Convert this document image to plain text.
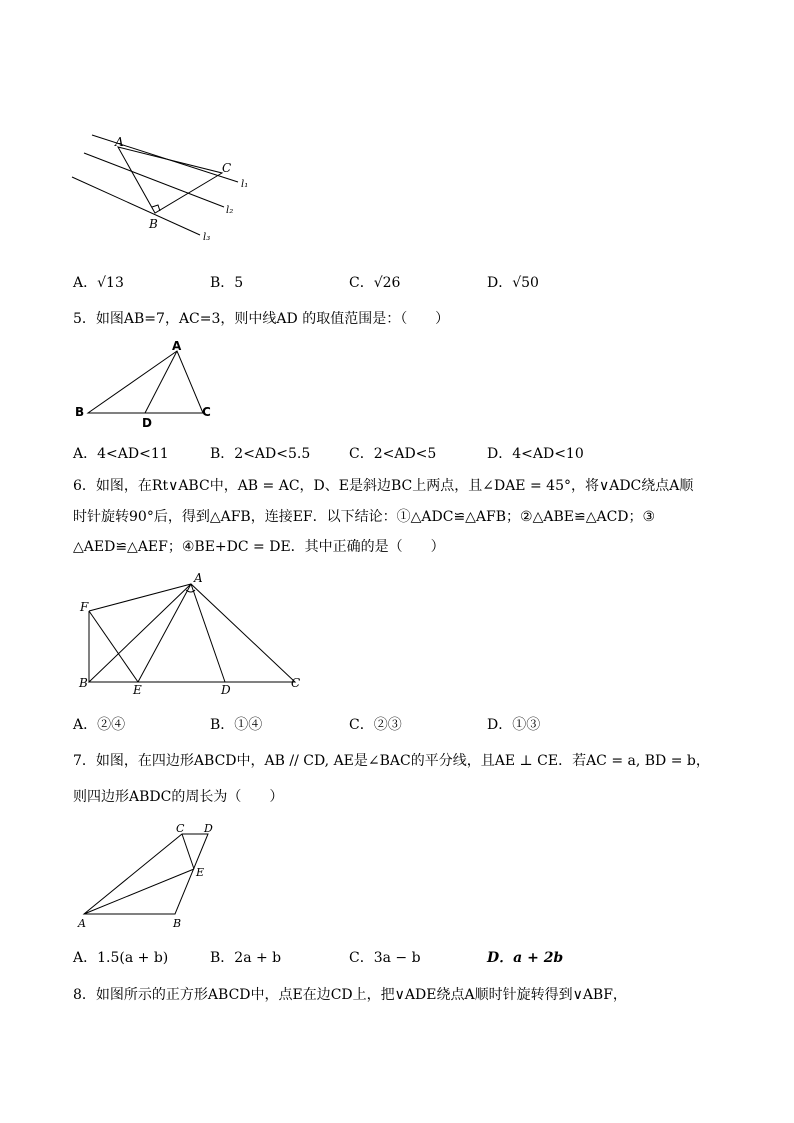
A
C
B
l₁
l₂
l₃
A．√13	B．5	C．√26	D．√50
5．如图AB=7，AC=3，则中线AD 的取值范围是：（　　）
A
B	C
D
A．4<AD<11	B．2<AD<5.5	C．2<AD<5	D．4<AD<10
6．如图，在Rt∨ABC中，AB = AC，D、E是斜边BC上两点，且∠DAE = 45°，将∨ADC绕点A顺
时针旋转90°后，得到△AFB，连接EF．以下结论：①△ADC≌△AFB；②△ABE≌△ACD；③
△AED≌△AEF；④BE+DC = DE．其中正确的是（　　）
A
F
B	E	D	C
A．②④	B．①④	C．②③	D．①③
7．如图，在四边形ABCD中，AB // CD, AE是∠BAC的平分线，且AE ⊥ CE．若AC = a, BD = b，
则四边形ABDC的周长为（　　）
C D
E
A	B
A．1.5(a + b)	B．2a + b	C．3a − b	D．a + 2b
8．如图所示的正方形ABCD中，点E在边CD上，把∨ADE绕点A顺时针旋转得到∨ABF，
